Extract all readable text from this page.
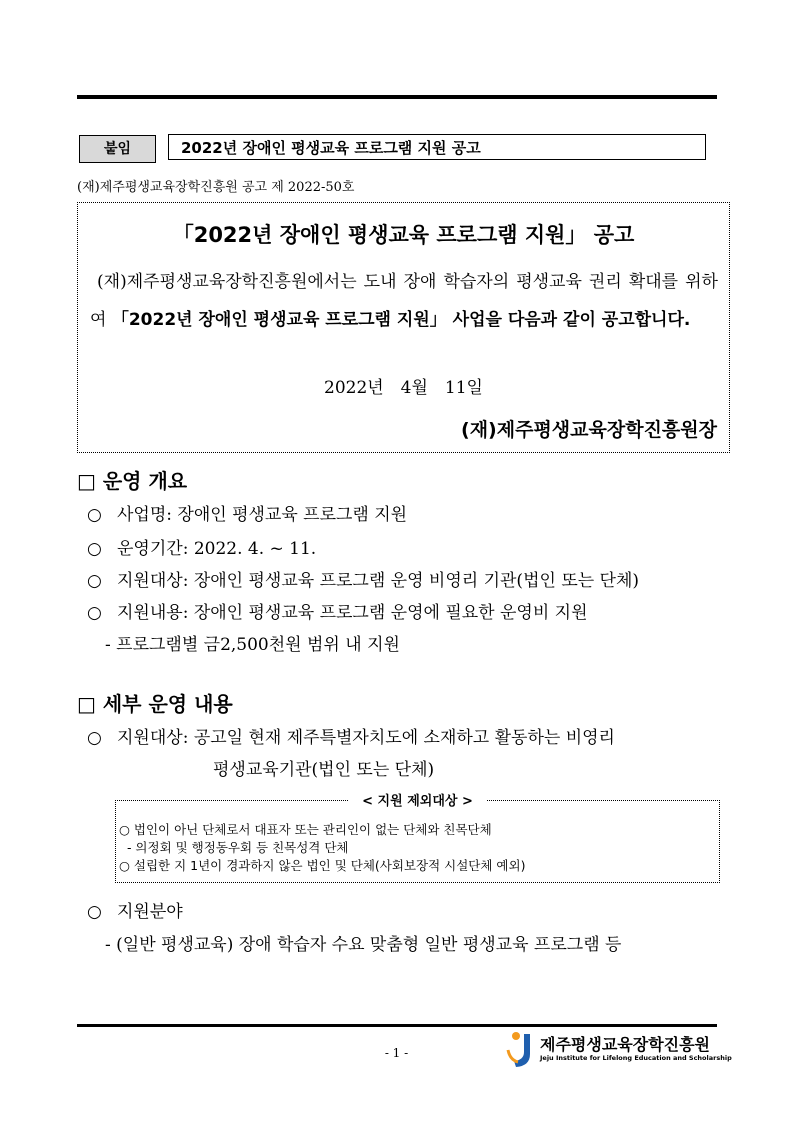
붙임	2022년 장애인 평생교육 프로그램 지원 공고
(재)제주평생교육장학진흥원 공고 제 2022-50호
「2022년 장애인 평생교육 프로그램 지원」 공고
(재)제주평생교육장학진흥원에서는 도내 장애 학습자의 평생교육 권리 확대를 위하여 「2022년 장애인 평생교육 프로그램 지원」 사업을 다음과 같이 공고합니다.
2022년　4월　11일
(재)제주평생교육장학진흥원장
□ 운영 개요
○ 사업명: 장애인 평생교육 프로그램 지원
○ 운영기간: 2022. 4. ~ 11.
○ 지원대상: 장애인 평생교육 프로그램 운영 비영리 기관(법인 또는 단체)
○ 지원내용: 장애인 평생교육 프로그램 운영에 필요한 운영비 지원
- 프로그램별 금2,500천원 범위 내 지원
□ 세부 운영 내용
○ 지원대상: 공고일 현재 제주특별자치도에 소재하고 활동하는 비영리
평생교육기관(법인 또는 단체)
< 지원 제외대상 >
○ 법인이 아닌 단체로서 대표자 또는 관리인이 없는 단체와 친목단체
- 의정회 및 행정동우회 등 친목성격 단체
○ 설립한 지 1년이 경과하지 않은 법인 및 단체(사회보장적 시설단체 예외)
○ 지원분야
- (일반 평생교육) 장애 학습자 수요 맞춤형 일반 평생교육 프로그램 등
- 1 -	제주평생교육장학진흥원
Jeju Institute for Lifelong Education and Scholarship
